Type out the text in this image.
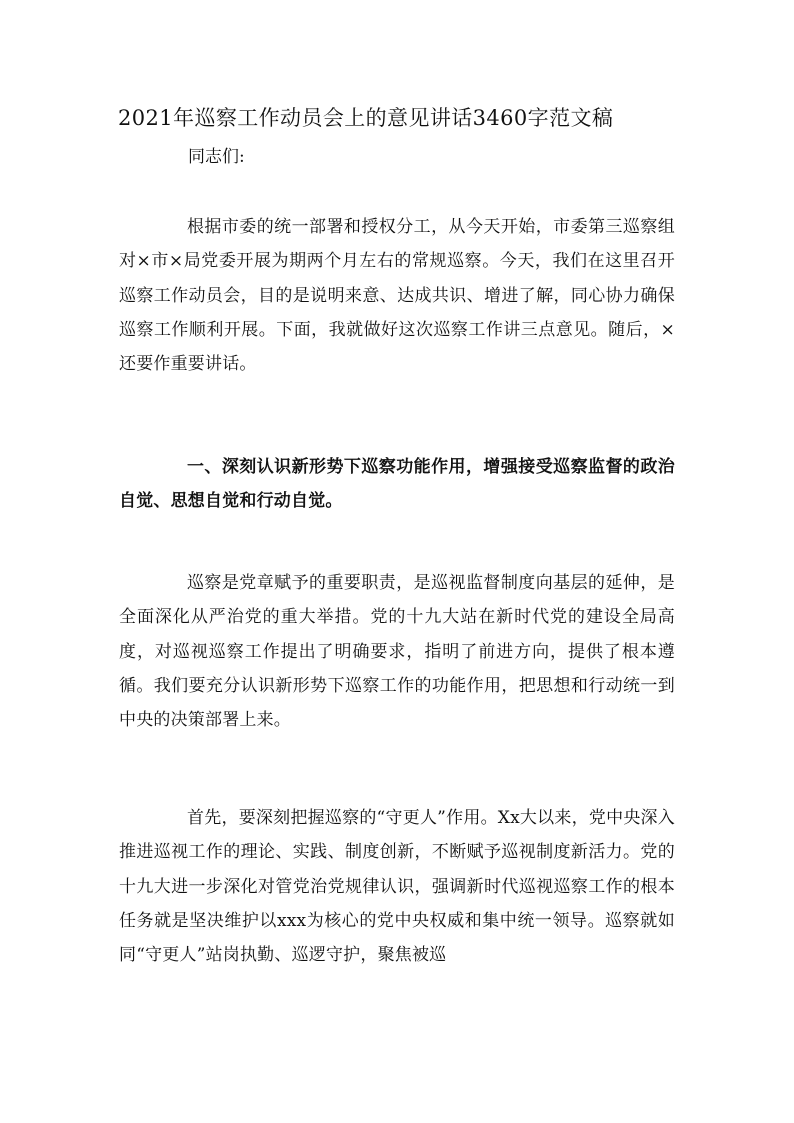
2021年巡察工作动员会上的意见讲话3460字范文稿
同志们:

根据市委的统一部署和授权分工，从今天开始，市委第三巡察组对×市×局党委开展为期两个月左右的常规巡察。今天，我们在这里召开巡察工作动员会，目的是说明来意、达成共识、增进了解，同心协力确保巡察工作顺利开展。下面，我就做好这次巡察工作讲三点意见。随后，×还要作重要讲话。

一、深刻认识新形势下巡察功能作用，增强接受巡察监督的政治自觉、思想自觉和行动自觉。

巡察是党章赋予的重要职责，是巡视监督制度向基层的延伸，是全面深化从严治党的重大举措。党的十九大站在新时代党的建设全局高度，对巡视巡察工作提出了明确要求，指明了前进方向，提供了根本遵循。我们要充分认识新形势下巡察工作的功能作用，把思想和行动统一到中央的决策部署上来。

首先，要深刻把握巡察的“守更人”作用。Xx大以来，党中央深入推进巡视工作的理论、实践、制度创新，不断赋予巡视制度新活力。党的十九大进一步深化对管党治党规律认识，强调新时代巡视巡察工作的根本任务就是坚决维护以xxx为核心的党中央权威和集中统一领导。巡察就如同“守更人”站岗执勤、巡逻守护，聚焦被巡
